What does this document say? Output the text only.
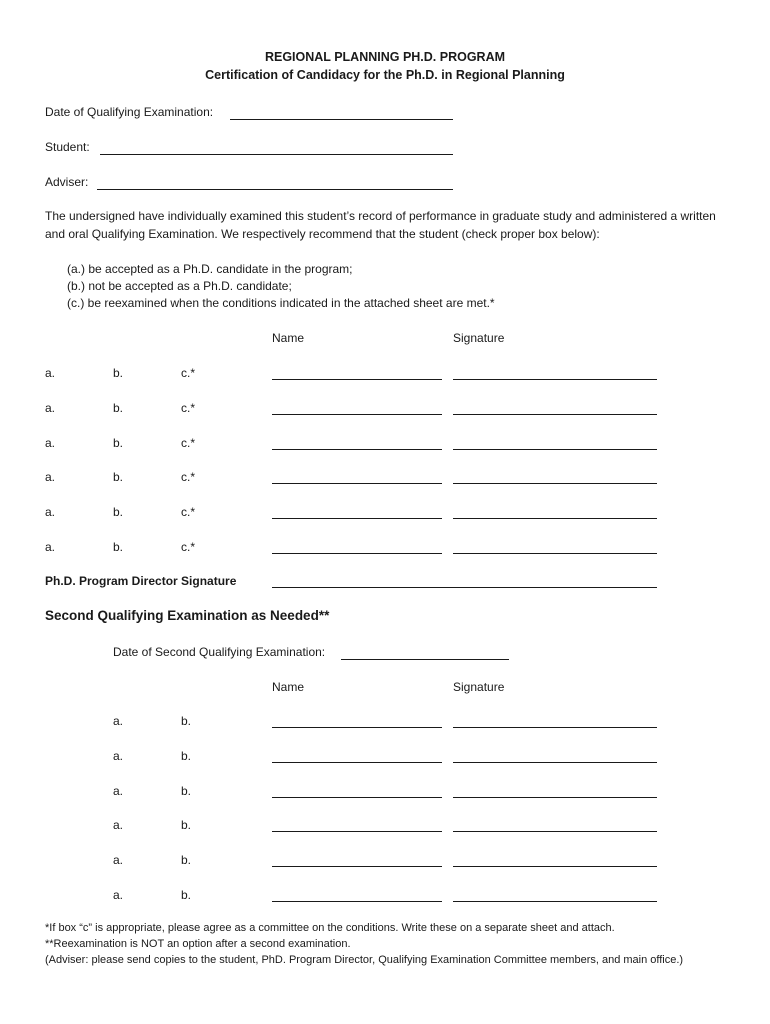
REGIONAL PLANNING PH.D. PROGRAM
Certification of Candidacy for the Ph.D. in Regional Planning
Date of Qualifying Examination:
Student:
Adviser:
The undersigned have individually examined this student’s record of performance in graduate study and administered a written and oral Qualifying Examination. We respectively recommend that the student (check proper box below):
(a.) be accepted as a Ph.D. candidate in the program;
(b.) not be accepted as a Ph.D. candidate;
(c.) be reexamined when the conditions indicated in the attached sheet are met.*
Name	Signature
a.	b.	c.*
a.	b.	c.*
a.	b.	c.*
a.	b.	c.*
a.	b.	c.*
a.	b.	c.*
Ph.D. Program Director Signature
Second Qualifying Examination as Needed**
Date of Second Qualifying Examination:
Name	Signature
a.	b.
a.	b.
a.	b.
a.	b.
a.	b.
a.	b.
*If box “c” is appropriate, please agree as a committee on the conditions. Write these on a separate sheet and attach.
**Reexamination is NOT an option after a second examination.
(Adviser: please send copies to the student, PhD. Program Director, Qualifying Examination Committee members, and main office.)
